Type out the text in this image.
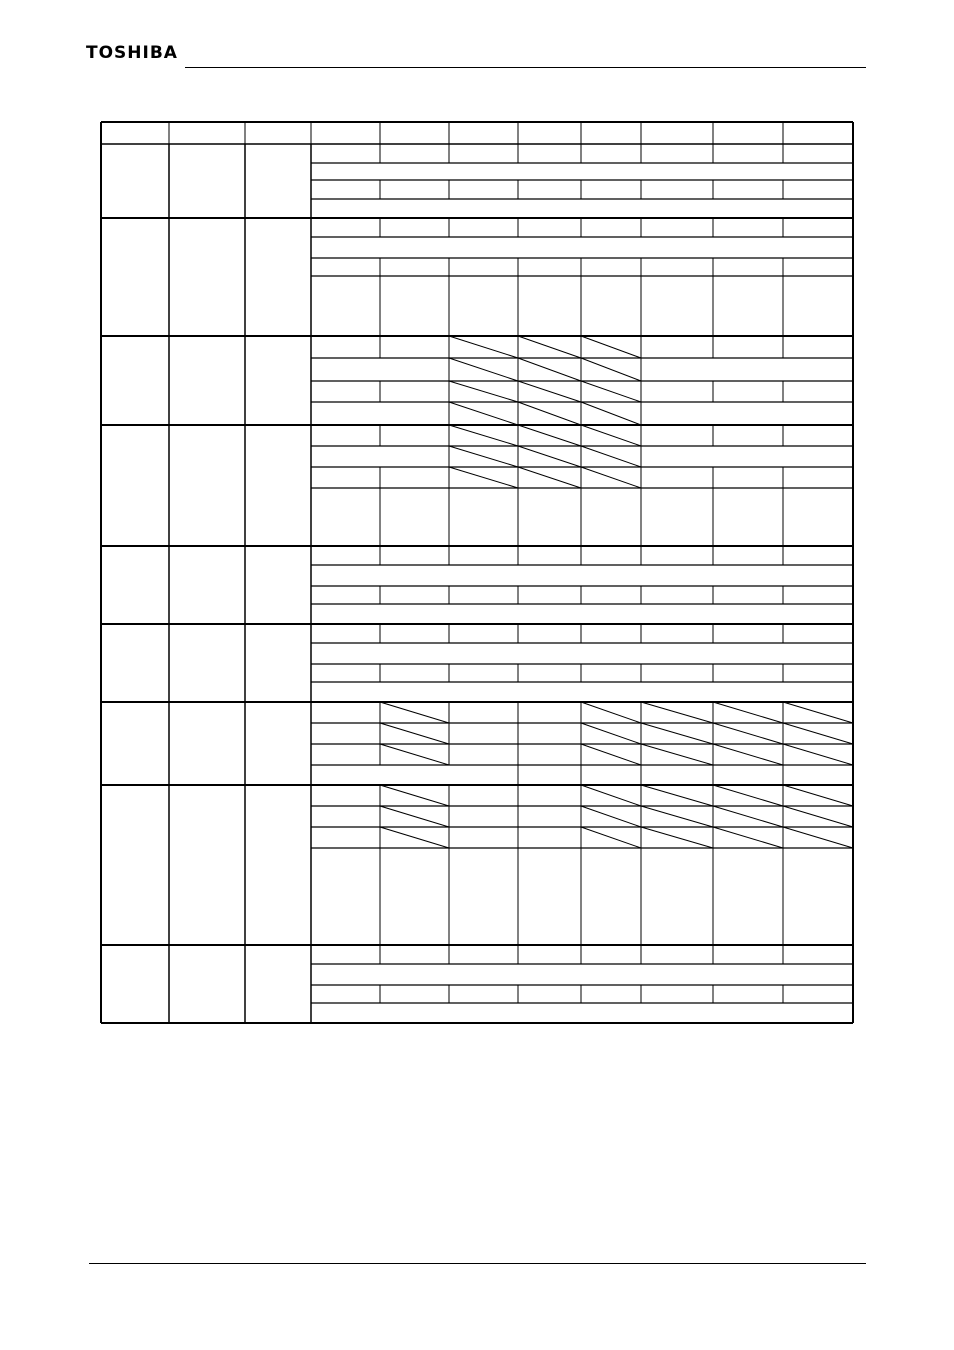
TOSHIBA
